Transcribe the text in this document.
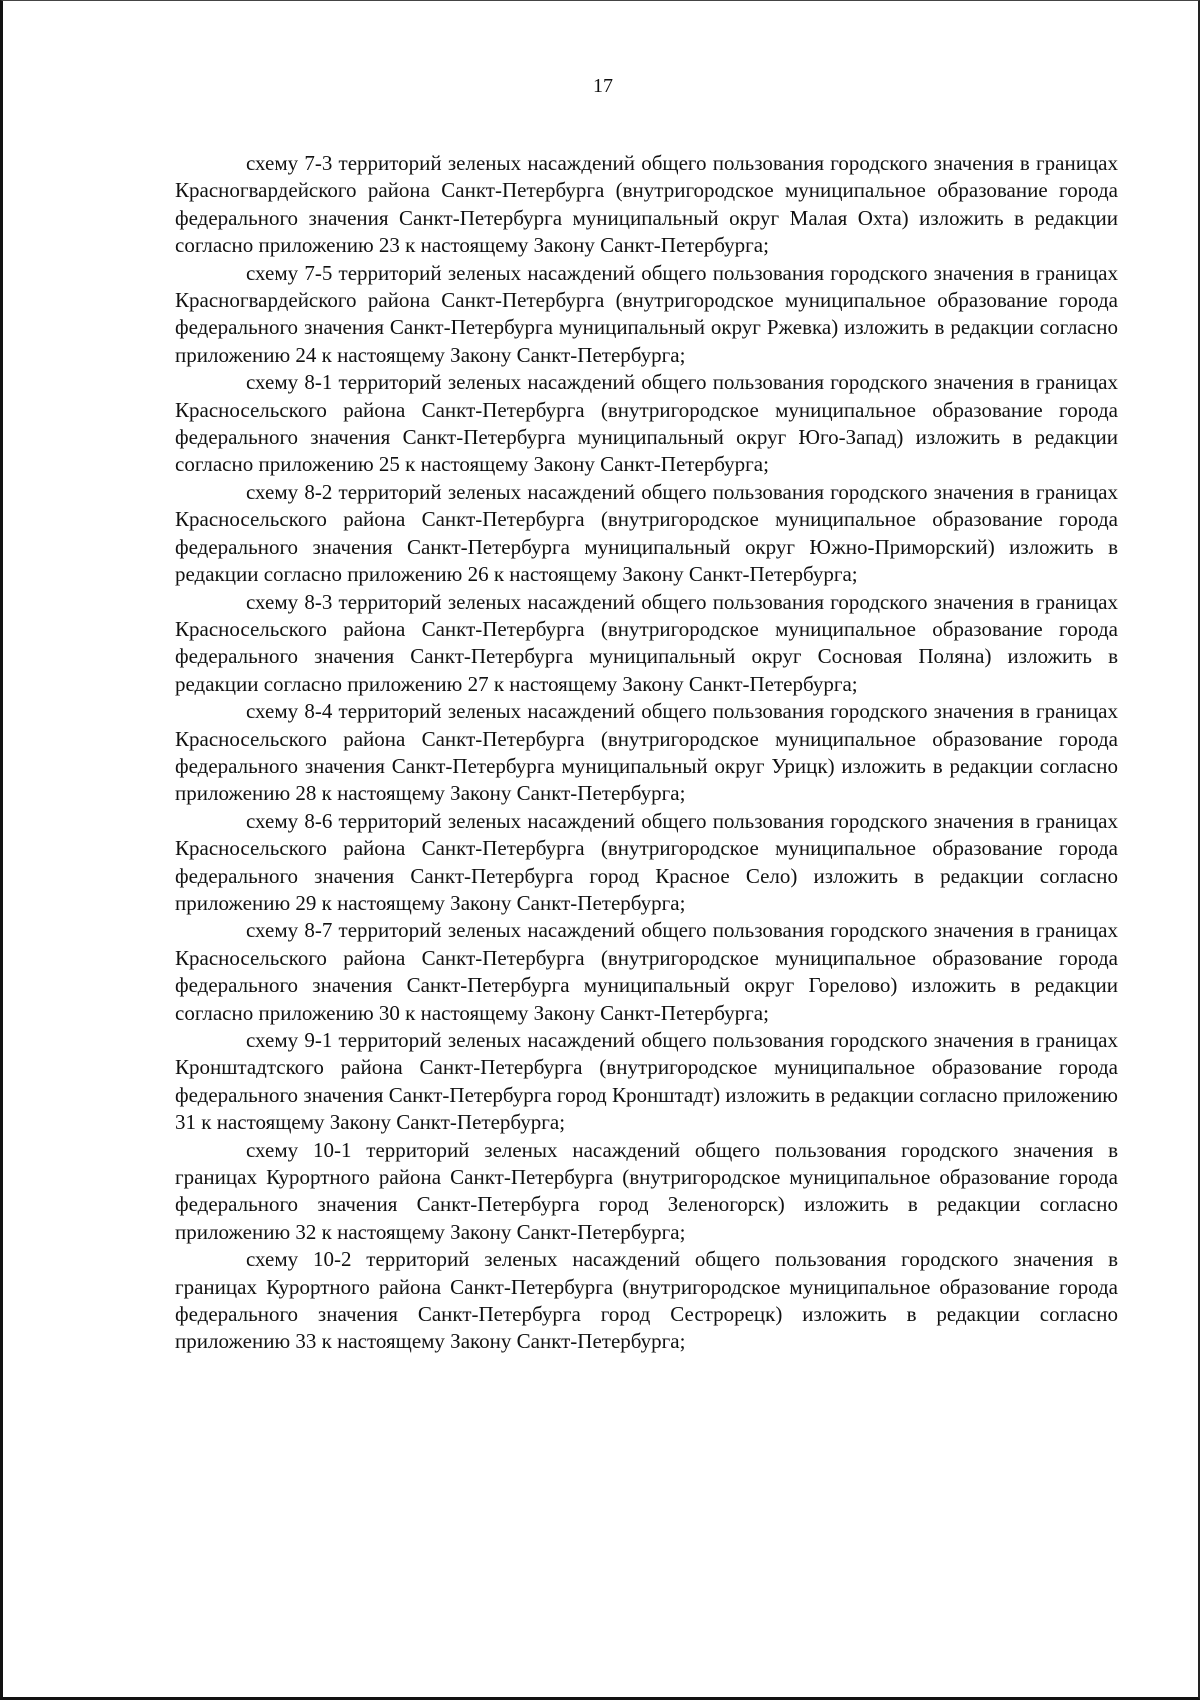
17

схему 7-3 территорий зеленых насаждений общего пользования городского значения в границах Красногвардейского района Санкт-Петербурга (внутригородское муниципальное образование города федерального значения Санкт-Петербурга муниципальный округ Малая Охта) изложить в редакции согласно приложению 23 к настоящему Закону Санкт-Петербурга;

схему 7-5 территорий зеленых насаждений общего пользования городского значения в границах Красногвардейского района Санкт-Петербурга (внутригородское муниципальное образование города федерального значения Санкт-Петербурга муниципальный округ Ржевка) изложить в редакции согласно приложению 24 к настоящему Закону Санкт-Петербурга;

схему 8-1 территорий зеленых насаждений общего пользования городского значения в границах Красносельского района Санкт-Петербурга (внутригородское муниципальное образование города федерального значения Санкт-Петербурга муниципальный округ Юго-Запад) изложить в редакции согласно приложению 25 к настоящему Закону Санкт-Петербурга;

схему 8-2 территорий зеленых насаждений общего пользования городского значения в границах Красносельского района Санкт-Петербурга (внутригородское муниципальное образование города федерального значения Санкт-Петербурга муниципальный округ Южно-Приморский) изложить в редакции согласно приложению 26 к настоящему Закону Санкт-Петербурга;

схему 8-3 территорий зеленых насаждений общего пользования городского значения в границах Красносельского района Санкт-Петербурга (внутригородское муниципальное образование города федерального значения Санкт-Петербурга муниципальный округ Сосновая Поляна) изложить в редакции согласно приложению 27 к настоящему Закону Санкт-Петербурга;

схему 8-4 территорий зеленых насаждений общего пользования городского значения в границах Красносельского района Санкт-Петербурга (внутригородское муниципальное образование города федерального значения Санкт-Петербурга муниципальный округ Урицк) изложить в редакции согласно приложению 28 к настоящему Закону Санкт-Петербурга;

схему 8-6 территорий зеленых насаждений общего пользования городского значения в границах Красносельского района Санкт-Петербурга (внутригородское муниципальное образование города федерального значения Санкт-Петербурга город Красное Село) изложить в редакции согласно приложению 29 к настоящему Закону Санкт-Петербурга;

схему 8-7 территорий зеленых насаждений общего пользования городского значения в границах Красносельского района Санкт-Петербурга (внутригородское муниципальное образование города федерального значения Санкт-Петербурга муниципальный округ Горелово) изложить в редакции согласно приложению 30 к настоящему Закону Санкт-Петербурга;

схему 9-1 территорий зеленых насаждений общего пользования городского значения в границах Кронштадтского района Санкт-Петербурга (внутригородское муниципальное образование города федерального значения Санкт-Петербурга город Кронштадт) изложить в редакции согласно приложению 31 к настоящему Закону Санкт-Петербурга;

схему 10-1 территорий зеленых насаждений общего пользования городского значения в границах Курортного района Санкт-Петербурга (внутригородское муниципальное образование города федерального значения Санкт-Петербурга город Зеленогорск) изложить в редакции согласно приложению 32 к настоящему Закону Санкт-Петербурга;

схему 10-2 территорий зеленых насаждений общего пользования городского значения в границах Курортного района Санкт-Петербурга (внутригородское муниципальное образование города федерального значения Санкт-Петербурга город Сестрорецк) изложить в редакции согласно приложению 33 к настоящему Закону Санкт-Петербурга;
